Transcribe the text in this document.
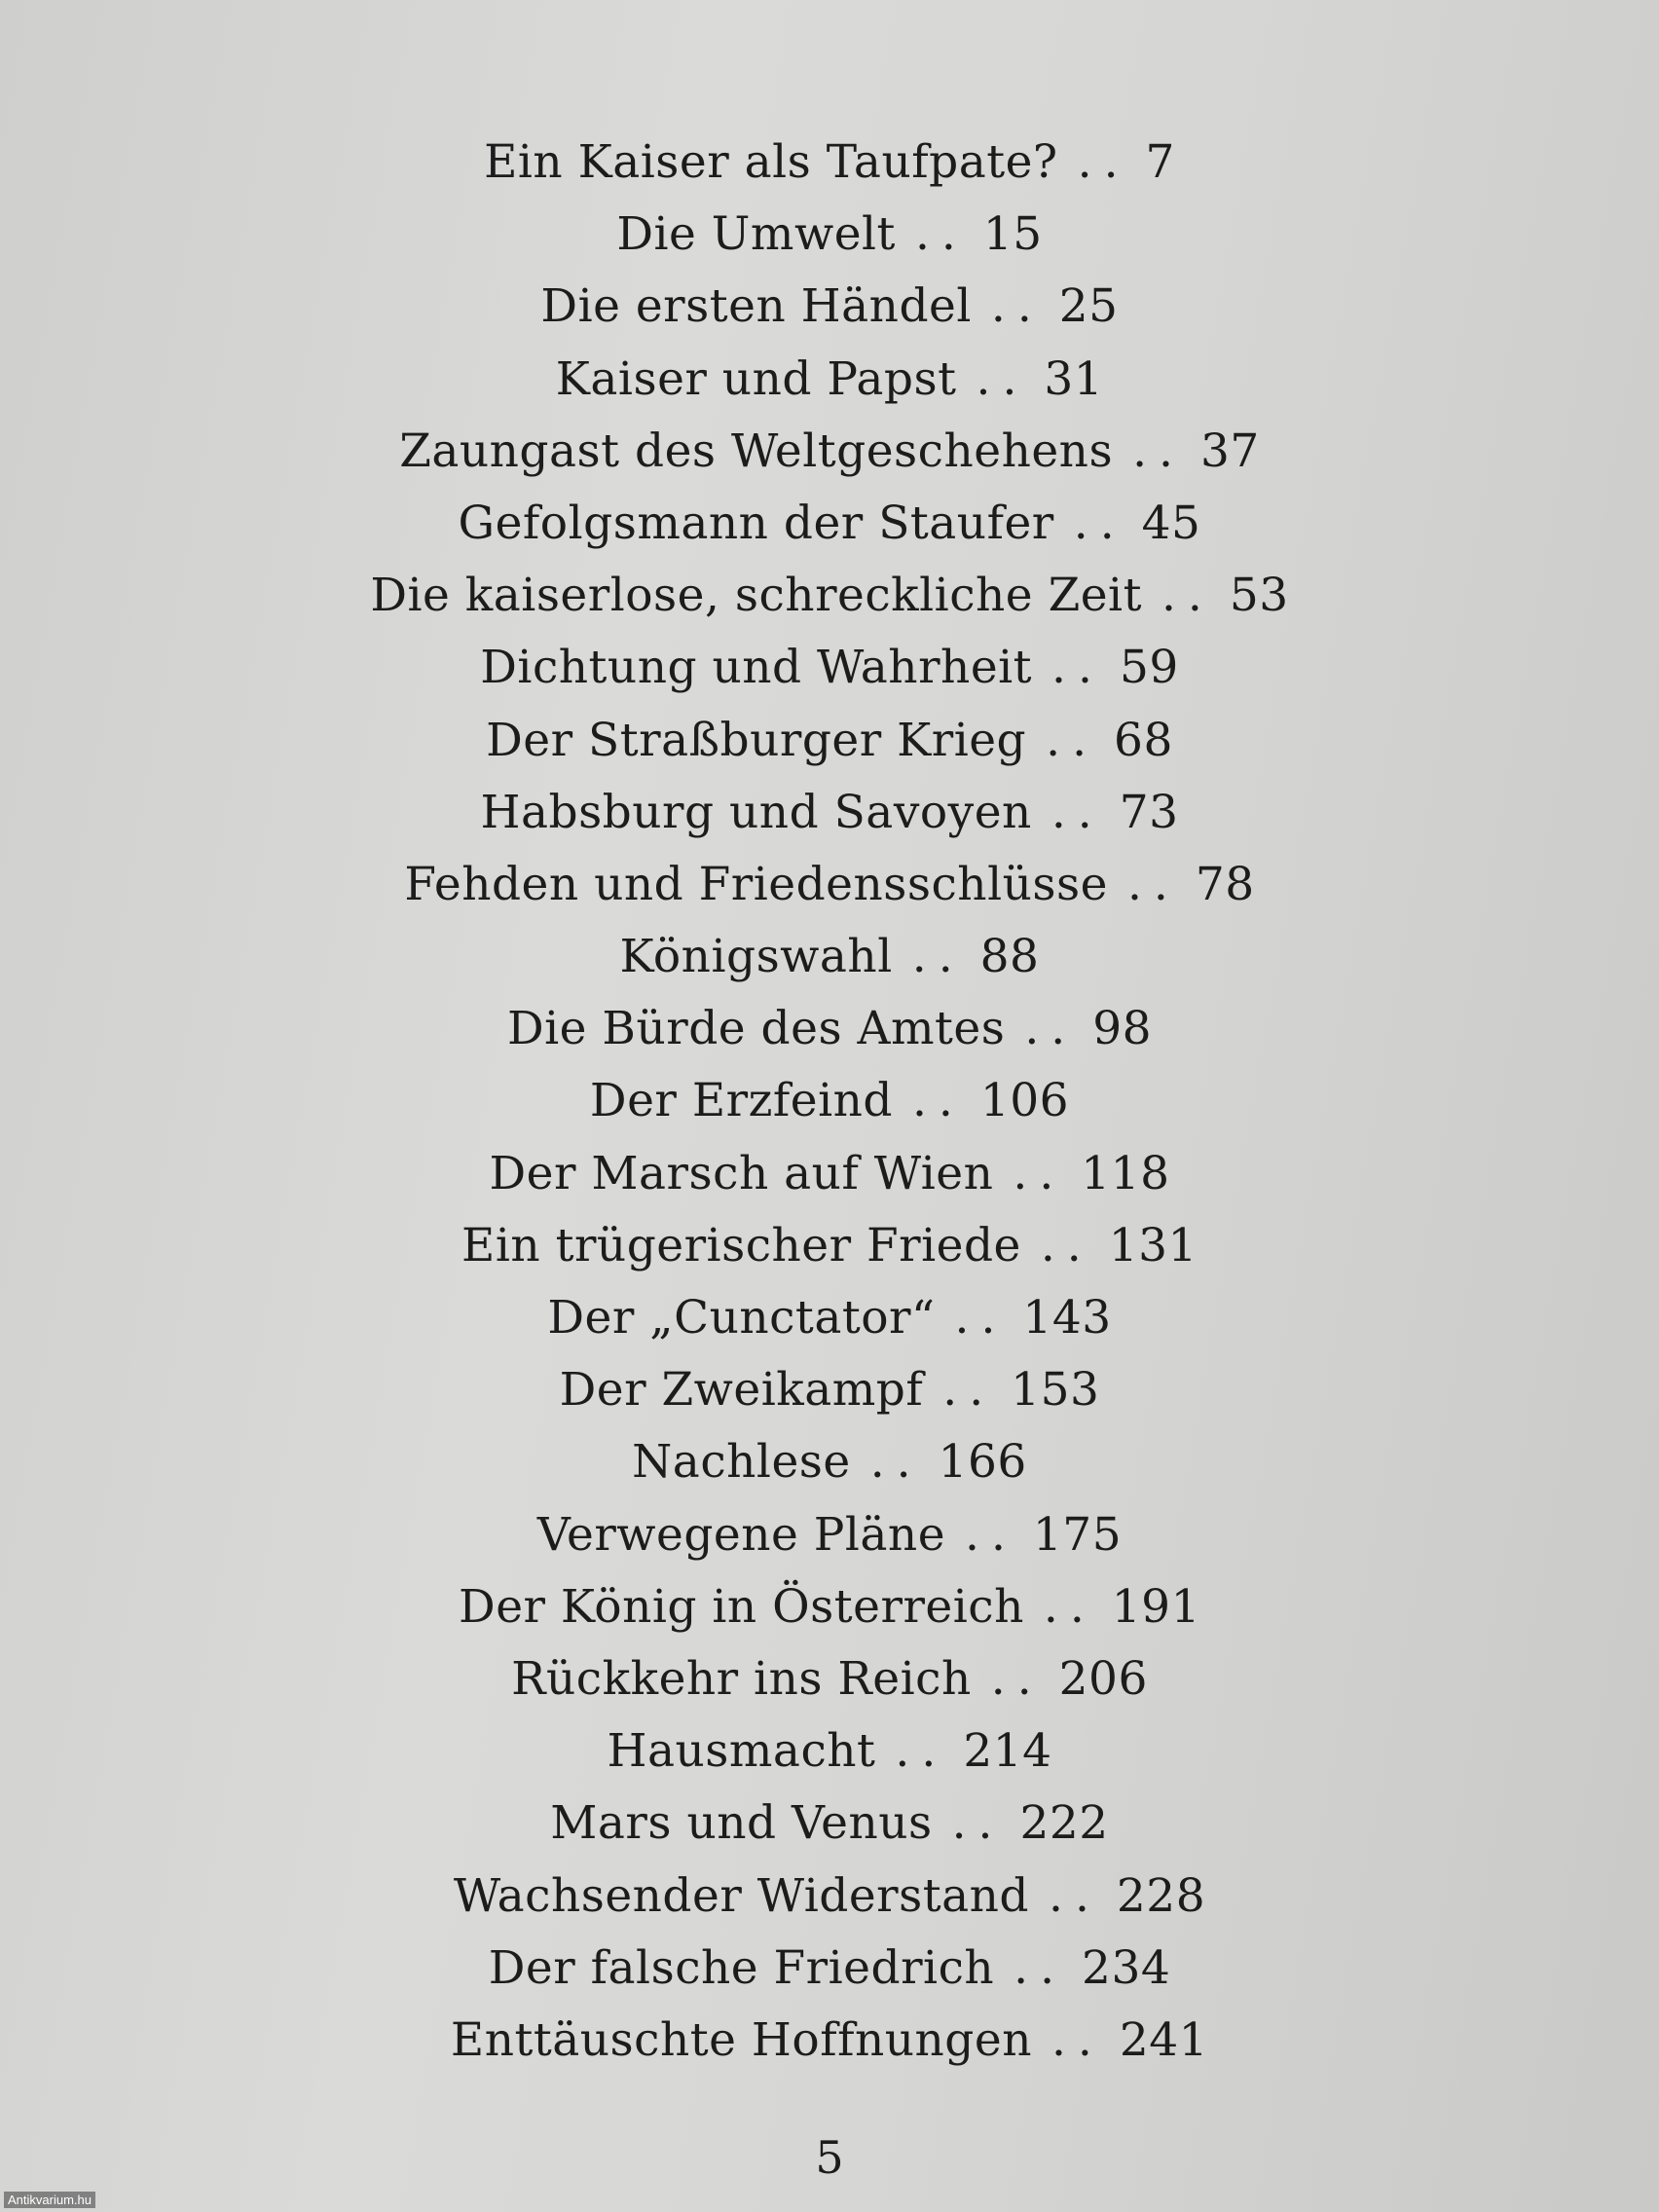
Ein Kaiser als Taufpate? .. 7
Die Umwelt .. 15
Die ersten Händel .. 25
Kaiser und Papst .. 31
Zaungast des Weltgeschehens .. 37
Gefolgsmann der Staufer .. 45
Die kaiserlose, schreckliche Zeit .. 53
Dichtung und Wahrheit .. 59
Der Straßburger Krieg .. 68
Habsburg und Savoyen .. 73
Fehden und Friedensschlüsse .. 78
Königswahl .. 88
Die Bürde des Amtes .. 98
Der Erzfeind .. 106
Der Marsch auf Wien .. 118
Ein trügerischer Friede .. 131
Der „Cunctator“ .. 143
Der Zweikampf .. 153
Nachlese .. 166
Verwegene Pläne .. 175
Der König in Österreich .. 191
Rückkehr ins Reich .. 206
Hausmacht .. 214
Mars und Venus .. 222
Wachsender Widerstand .. 228
Der falsche Friedrich .. 234
Enttäuschte Hoffnungen .. 241
5
Antikvarium.hu
